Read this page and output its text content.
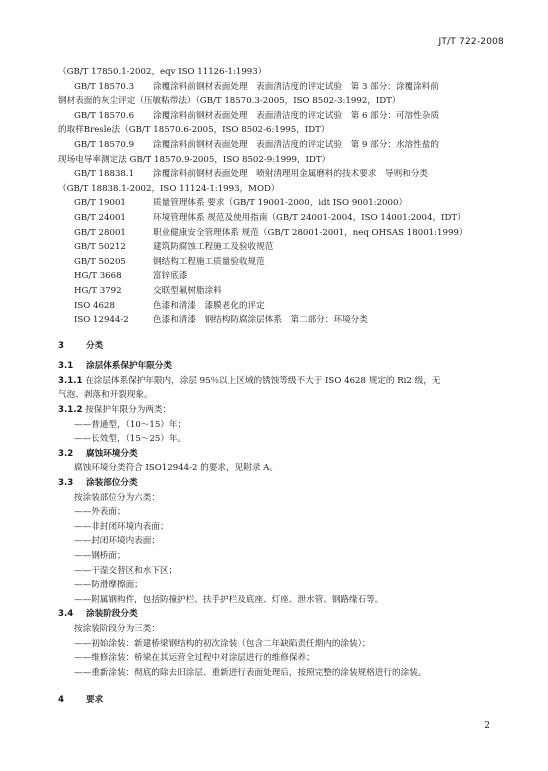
JT/T 722-2008
（GB/T 17850.1-2002，eqv ISO 11126-1:1993）
GB/T 18570.3	涂覆涂料前钢材表面处理　表面清洁度的评定试验　第 3 部分：涂覆涂料前
钢材表面的灰尘评定（压敏粘带法）（GB/T 18570.3-2005，ISO 8502-3:1992，IDT）
GB/T 18570.6	涂覆涂料前钢材表面处理　表面清洁度的评定试验　第 6 部分：可溶性杂质
的取样Bresle法（GB/T 18570.6-2005，ISO 8502-6:1995，IDT）
GB/T 18570.9	涂覆涂料前钢材表面处理　表面清洁度的评定试验　第 9 部分：水溶性盐的
现场电导率测定法 GB/T 18570.9-2005，ISO 8502-9:1999，IDT）
GB/T 18838.1	涂覆涂料前钢材表面处理　喷射清理用金属磨料的技术要求　导则和分类
（GB/T 18838.1-2002，ISO 11124-1:1993，MOD）
GB/T 19001	质量管理体系 要求（GB/T 19001-2000，idt ISO 9001:2000）
GB/T 24001	环境管理体系 规范及使用指南（GB/T 24001-2004，ISO 14001:2004，IDT）
GB/T 28001	职业健康安全管理体系 规范（GB/T 28001-2001，neq OHSAS 18001:1999）
GB/T 50212	建筑防腐蚀工程施工及验收规范
GB/T 50205	钢结构工程施工质量验收规范
HG/T 3668	富锌底漆
HG/T 3792	交联型氟树脂涂料
ISO 4628	色漆和清漆　漆膜老化的评定
ISO 12944-2	色漆和清漆　钢结构防腐涂层体系　第二部分：环境分类
3	分类
3.1 涂层体系保护年限分类
3.1.1 在涂层体系保护年限内，涂层 95％以上区域的锈蚀等级不大于 ISO 4628 规定的 Ri2 级，无
气泡、剥落和开裂现象。
3.1.2 按保护年限分为两类：
——普通型，（10～15）年；
——长效型，（15～25）年。
3.2 腐蚀环境分类
腐蚀环境分类符合 ISO12944-2 的要求，见附录 A。
3.3 涂装部位分类
按涂装部位分为六类：
——外表面；
——非封闭环境内表面；
——封闭环境内表面；
——钢桥面；
——干湿交替区和水下区；
——防滑摩擦面；
——附属钢构件，包括防撞护栏、扶手护栏及底座、灯座、泄水管、钢路缘石等。
3.4 涂装阶段分类
按涂装阶段分为三类：
——初始涂装：新建桥梁钢结构的初次涂装（包含二年缺陷责任期内的涂装）；
——维修涂装：桥梁在其运营全过程中对涂层进行的维修保养；
——重新涂装：彻底的除去旧涂层、重新进行表面处理后，按照完整的涂装规格进行的涂装。
4	要求
2
